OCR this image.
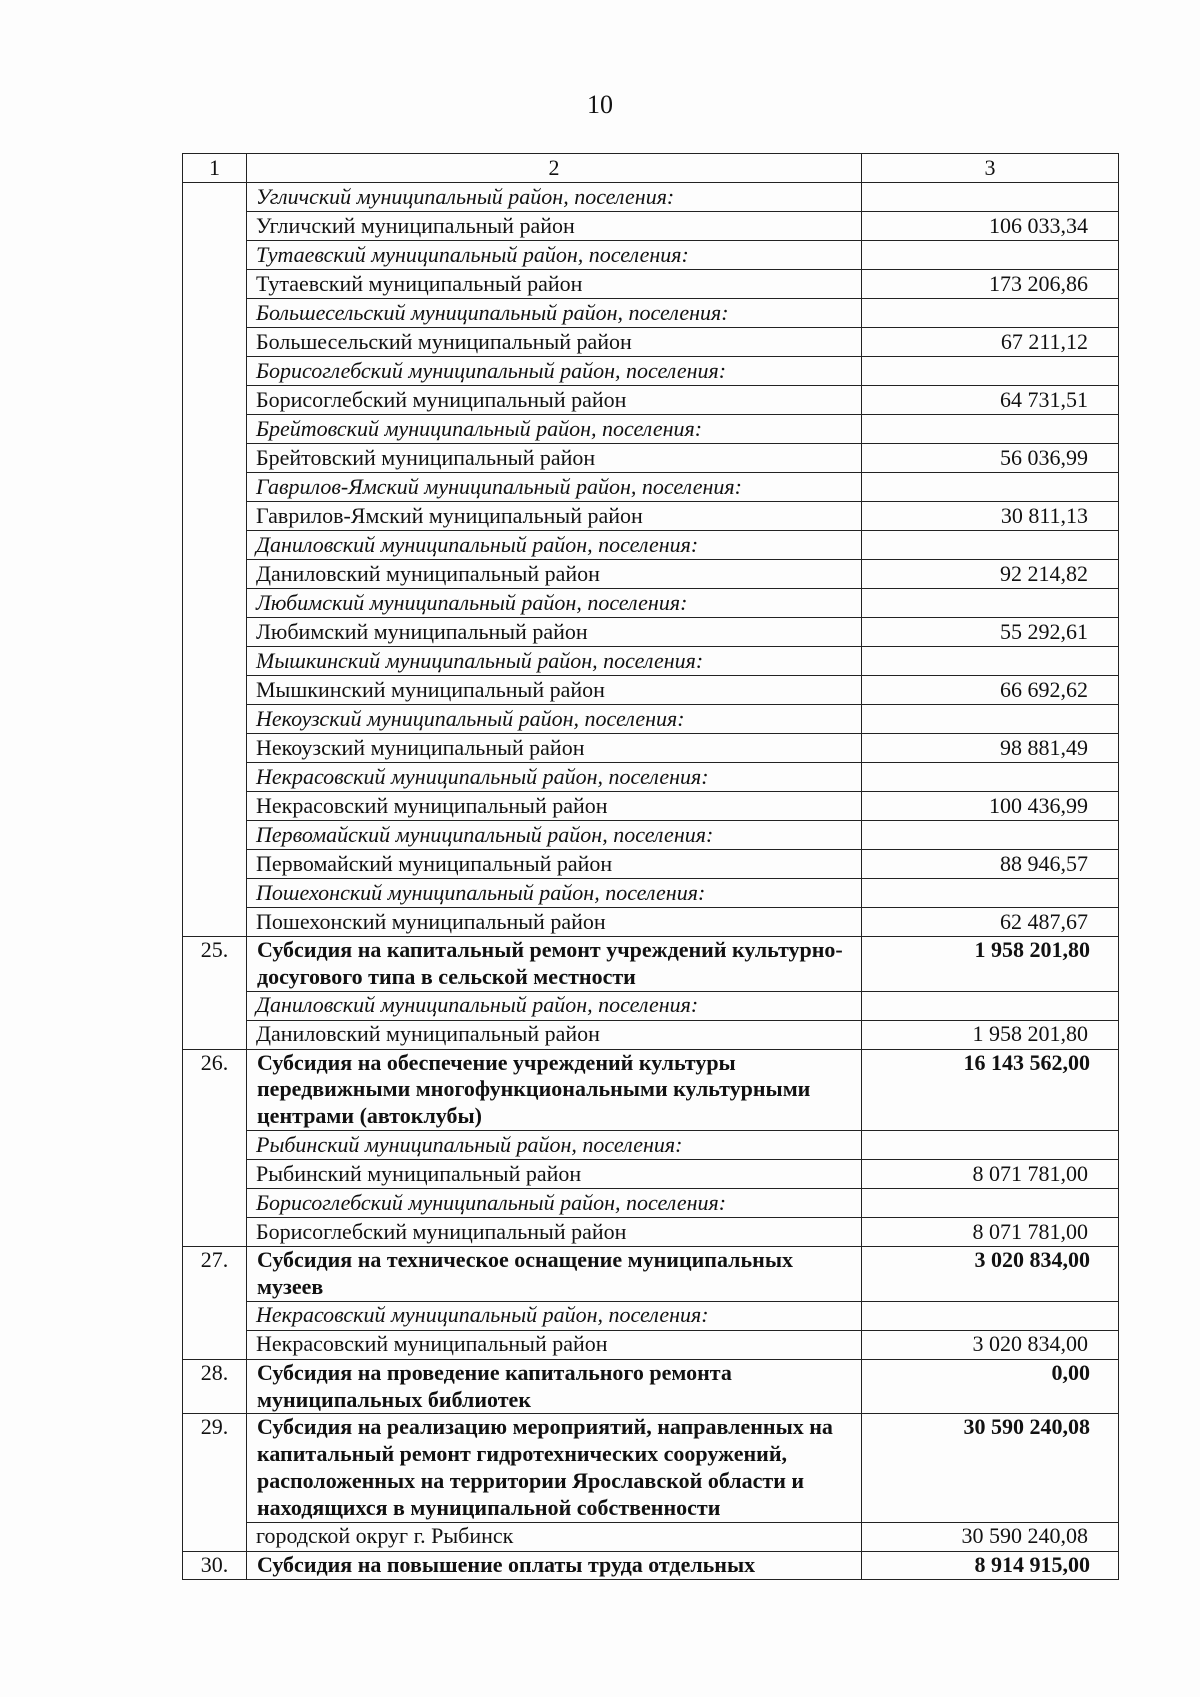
10
1	2	3
	Угличский муниципальный район, поселения:	
	Угличский муниципальный район	106 033,34
	Тутаевский муниципальный район, поселения:	
	Тутаевский муниципальный район	173 206,86
	Большесельский муниципальный район, поселения:	
	Большесельский муниципальный район	67 211,12
	Борисоглебский муниципальный район, поселения:	
	Борисоглебский муниципальный район	64 731,51
	Брейтовский муниципальный район, поселения:	
	Брейтовский муниципальный район	56 036,99
	Гаврилов-Ямский муниципальный район, поселения:	
	Гаврилов-Ямский муниципальный район	30 811,13
	Даниловский муниципальный район, поселения:	
	Даниловский муниципальный район	92 214,82
	Любимский муниципальный район, поселения:	
	Любимский муниципальный район	55 292,61
	Мышкинский муниципальный район, поселения:	
	Мышкинский муниципальный район	66 692,62
	Некоузский муниципальный район, поселения:	
	Некоузский муниципальный район	98 881,49
	Некрасовский муниципальный район, поселения:	
	Некрасовский муниципальный район	100 436,99
	Первомайский муниципальный район, поселения:	
	Первомайский муниципальный район	88 946,57
	Пошехонский муниципальный район, поселения:	
	Пошехонский муниципальный район	62 487,67
25.	Субсидия на капитальный ремонт учреждений культурно-досугового типа в сельской местности	1 958 201,80
	Даниловский муниципальный район, поселения:	
	Даниловский муниципальный район	1 958 201,80
26.	Субсидия на обеспечение учреждений культуры передвижными многофункциональными культурными центрами (автоклубы)	16 143 562,00
	Рыбинский муниципальный район, поселения:	
	Рыбинский муниципальный район	8 071 781,00
	Борисоглебский муниципальный район, поселения:	
	Борисоглебский муниципальный район	8 071 781,00
27.	Субсидия на техническое оснащение муниципальных музеев	3 020 834,00
	Некрасовский муниципальный район, поселения:	
	Некрасовский муниципальный район	3 020 834,00
28.	Субсидия на проведение капитального ремонта муниципальных библиотек	0,00
29.	Субсидия на реализацию мероприятий, направленных на капитальный ремонт гидротехнических сооружений, расположенных на территории Ярославской области и находящихся в муниципальной собственности	30 590 240,08
	городской округ г. Рыбинск	30 590 240,08
30.	Субсидия на повышение оплаты труда отдельных	8 914 915,00
